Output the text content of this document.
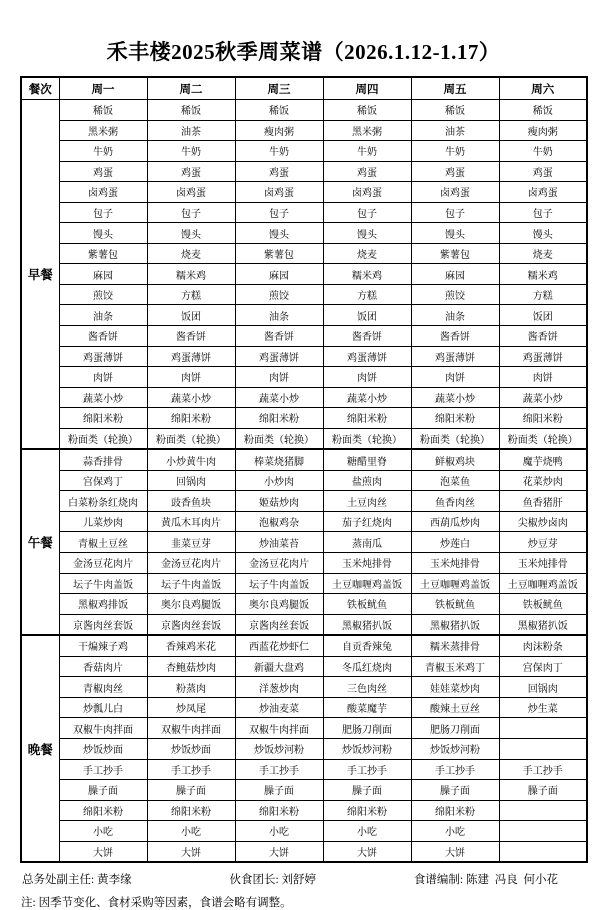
禾丰楼2025秋季周菜谱（2026.1.12-1.17）
餐次	周一	周二	周三	周四	周五	周六
早餐	稀饭	稀饭	稀饭	稀饭	稀饭	稀饭
	黑米粥	油茶	瘦肉粥	黑米粥	油茶	瘦肉粥
	牛奶	牛奶	牛奶	牛奶	牛奶	牛奶
	鸡蛋	鸡蛋	鸡蛋	鸡蛋	鸡蛋	鸡蛋
	卤鸡蛋	卤鸡蛋	卤鸡蛋	卤鸡蛋	卤鸡蛋	卤鸡蛋
	包子	包子	包子	包子	包子	包子
	馒头	馒头	馒头	馒头	馒头	馒头
	紫薯包	烧麦	紫薯包	烧麦	紫薯包	烧麦
	麻园	糯米鸡	麻园	糯米鸡	麻园	糯米鸡
	煎饺	方糕	煎饺	方糕	煎饺	方糕
	油条	饭团	油条	饭团	油条	饭团
	酱香饼	酱香饼	酱香饼	酱香饼	酱香饼	酱香饼
	鸡蛋薄饼	鸡蛋薄饼	鸡蛋薄饼	鸡蛋薄饼	鸡蛋薄饼	鸡蛋薄饼
	肉饼	肉饼	肉饼	肉饼	肉饼	肉饼
	蔬菜小炒	蔬菜小炒	蔬菜小炒	蔬菜小炒	蔬菜小炒	蔬菜小炒
	绵阳米粉	绵阳米粉	绵阳米粉	绵阳米粉	绵阳米粉	绵阳米粉
	粉面类（轮换）	粉面类（轮换）	粉面类（轮换）	粉面类（轮换）	粉面类（轮换）	粉面类（轮换）
午餐	蒜香排骨	小炒黄牛肉	棒菜烧猪脚	糖醋里脊	鲜椒鸡块	魔芋烧鸭
	宫保鸡丁	回锅肉	小炒肉	盐煎肉	泡菜鱼	花菜炒肉
	白菜粉条红烧肉	豉香鱼块	姬菇炒肉	土豆肉丝	鱼香肉丝	鱼香猪肝
	儿菜炒肉	黄瓜木耳肉片	泡椒鸡杂	茄子红烧肉	西葫瓜炒肉	尖椒炒卤肉
	青椒土豆丝	韭菜豆芽	炒油菜苔	蒸南瓜	炒莲白	炒豆芽
	金汤豆花肉片	金汤豆花肉片	金汤豆花肉片	玉米炖排骨	玉米炖排骨	玉米炖排骨
	坛子牛肉盖饭	坛子牛肉盖饭	坛子牛肉盖饭	土豆咖喱鸡盖饭	土豆咖喱鸡盖饭	土豆咖喱鸡盖饭
	黑椒鸡排饭	奥尔良鸡腿饭	奥尔良鸡腿饭	铁板鱿鱼	铁板鱿鱼	铁板鱿鱼
	京酱肉丝套饭	京酱肉丝套饭	京酱肉丝套饭	黑椒猪扒饭	黑椒猪扒饭	黑椒猪扒饭
晚餐	干煸辣子鸡	香辣鸡米花	西蓝花炒虾仁	自贡香辣兔	糯米蒸排骨	肉沫粉条
	香菇肉片	杏鲍菇炒肉	新疆大盘鸡	冬瓜红烧肉	青椒玉米鸡丁	宫保肉丁
	青椒肉丝	粉蒸肉	洋葱炒肉	三色肉丝	娃娃菜炒肉	回锅肉
	炒瓢儿白	炒凤尾	炒油麦菜	酸菜魔芋	酸辣土豆丝	炒生菜
	双椒牛肉拌面	双椒牛肉拌面	双椒牛肉拌面	肥肠刀削面	肥肠刀削面	
	炒饭炒面	炒饭炒面	炒饭炒河粉	炒饭炒河粉	炒饭炒河粉	
	手工抄手	手工抄手	手工抄手	手工抄手	手工抄手	手工抄手
	臊子面	臊子面	臊子面	臊子面	臊子面	臊子面
	绵阳米粉	绵阳米粉	绵阳米粉	绵阳米粉	绵阳米粉	
	小吃	小吃	小吃	小吃	小吃	
	大饼	大饼	大饼	大饼	大饼	
总务处副主任: 黄李缘	伙食团长: 刘舒婷	食谱编制: 陈建  冯良  何小花
注: 因季节变化、食材采购等因素，食谱会略有调整。
